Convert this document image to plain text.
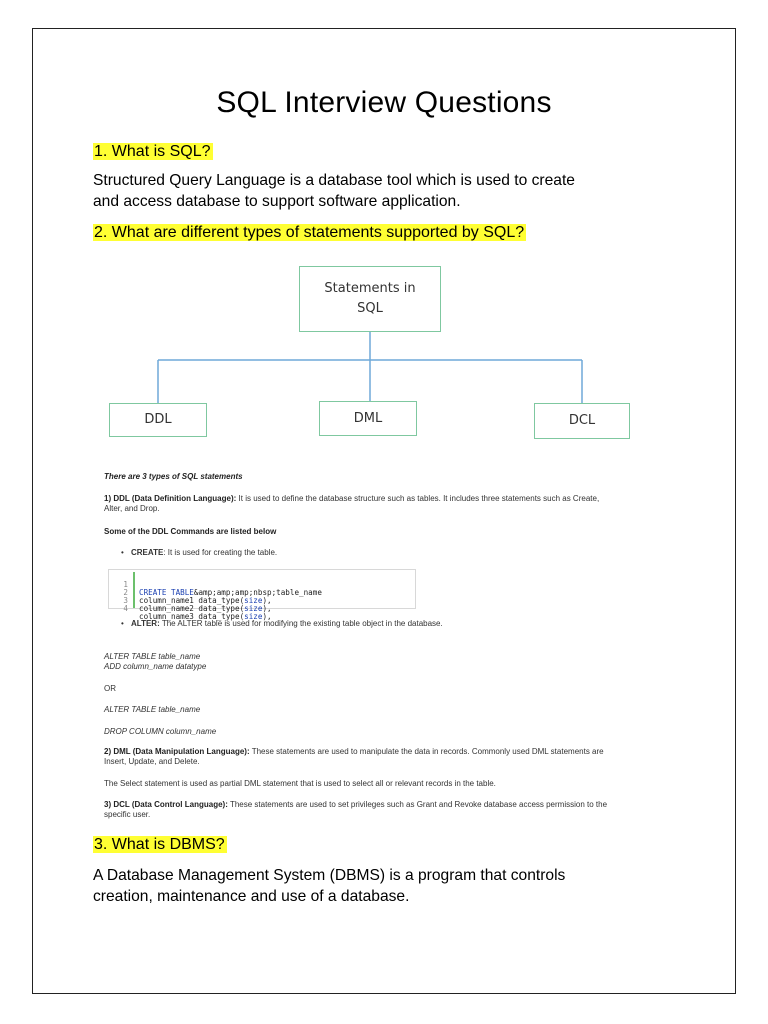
SQL Interview Questions
1. What is SQL?
Structured Query Language is a database tool which is used to create
and access database to support software application.
2. What are different types of statements supported by SQL?
Statements in
SQL
DDL	DML	DCL
There are 3 types of SQL statements
1) DDL (Data Definition Language): It is used to define the database structure such as tables. It includes three statements such as Create,
Alter, and Drop.
Some of the DDL Commands are listed below
• CREATE: It is used for creating the table.

1

CREATE TABLE&amp;amp;amp;nbsp;table_name

2

column_name1 data_type(size),

3

column_name2 data_type(size),

4

column_name3 data_type(size),

• ALTER: The ALTER table is used for modifying the existing table object in the database.
ALTER TABLE table_name
ADD column_name datatype
OR
ALTER TABLE table_name
DROP COLUMN column_name
2) DML (Data Manipulation Language): These statements are used to manipulate the data in records. Commonly used DML statements are
Insert, Update, and Delete.
The Select statement is used as partial DML statement that is used to select all or relevant records in the table.
3) DCL (Data Control Language): These statements are used to set privileges such as Grant and Revoke database access permission to the
specific user.
3. What is DBMS?
A Database Management System (DBMS) is a program that controls
creation, maintenance and use of a database.
